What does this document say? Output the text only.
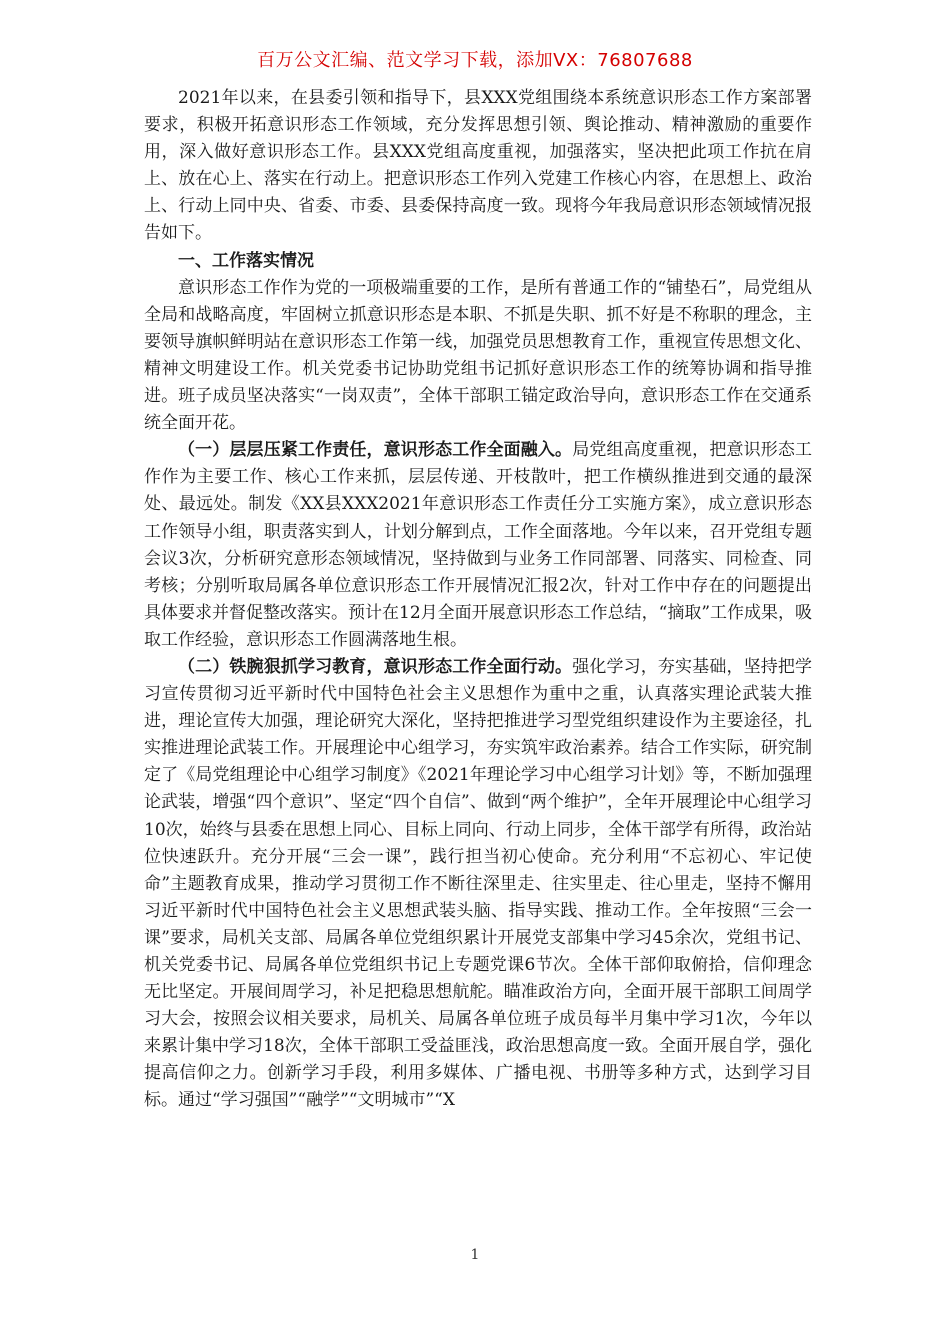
百万公文汇编、范文学习下载，添加VX：76807688

2021年以来，在县委引领和指导下，县XXX党组围绕本系统意识形态工作方案部署要求，积极开拓意识形态工作领域，充分发挥思想引领、舆论推动、精神激励的重要作用，深入做好意识形态工作。县XXX党组高度重视，加强落实，坚决把此项工作抗在肩上、放在心上、落实在行动上。把意识形态工作列入党建工作核心内容，在思想上、政治上、行动上同中央、省委、市委、县委保持高度一致。现将今年我局意识形态领域情况报告如下。

一、工作落实情况

意识形态工作作为党的一项极端重要的工作，是所有普通工作的“铺垫石”，局党组从全局和战略高度，牢固树立抓意识形态是本职、不抓是失职、抓不好是不称职的理念，主要领导旗帜鲜明站在意识形态工作第一线，加强党员思想教育工作，重视宣传思想文化、精神文明建设工作。机关党委书记协助党组书记抓好意识形态工作的统筹协调和指导推进。班子成员坚决落实“一岗双责”，全体干部职工锚定政治导向，意识形态工作在交通系统全面开花。

（一）层层压紧工作责任，意识形态工作全面融入。局党组高度重视，把意识形态工作作为主要工作、核心工作来抓，层层传递、开枝散叶，把工作横纵推进到交通的最深处、最远处。制发《XX县XXX2021年意识形态工作责任分工实施方案》，成立意识形态工作领导小组，职责落实到人，计划分解到点，工作全面落地。今年以来，召开党组专题会议3次，分析研究意形态领域情况，坚持做到与业务工作同部署、同落实、同检查、同考核；分别听取局属各单位意识形态工作开展情况汇报2次，针对工作中存在的问题提出具体要求并督促整改落实。预计在12月全面开展意识形态工作总结，“摘取”工作成果，吸取工作经验，意识形态工作圆满落地生根。

（二）铁腕狠抓学习教育，意识形态工作全面行动。强化学习，夯实基础，坚持把学习宣传贯彻习近平新时代中国特色社会主义思想作为重中之重，认真落实理论武装大推进，理论宣传大加强，理论研究大深化，坚持把推进学习型党组织建设作为主要途径，扎实推进理论武装工作。开展理论中心组学习，夯实筑牢政治素养。结合工作实际，研究制定了《局党组理论中心组学习制度》《2021年理论学习中心组学习计划》等，不断加强理论武装，增强“四个意识”、坚定“四个自信”、做到“两个维护”，全年开展理论中心组学习10次，始终与县委在思想上同心、目标上同向、行动上同步，全体干部学有所得，政治站位快速跃升。充分开展“三会一课”，践行担当初心使命。充分利用“不忘初心、牢记使命”主题教育成果，推动学习贯彻工作不断往深里走、往实里走、往心里走，坚持不懈用习近平新时代中国特色社会主义思想武装头脑、指导实践、推动工作。全年按照“三会一课”要求，局机关支部、局属各单位党组织累计开展党支部集中学习45余次，党组书记、机关党委书记、局属各单位党组织书记上专题党课6节次。全体干部仰取俯拾，信仰理念无比坚定。开展间周学习，补足把稳思想航舵。瞄准政治方向，全面开展干部职工间周学习大会，按照会议相关要求，局机关、局属各单位班子成员每半月集中学习1次，今年以来累计集中学习18次，全体干部职工受益匪浅，政治思想高度一致。全面开展自学，强化提高信仰之力。创新学习手段，利用多媒体、广播电视、书册等多种方式，达到学习目标。通过“学习强国”“融学”“文明城市”“X

1
